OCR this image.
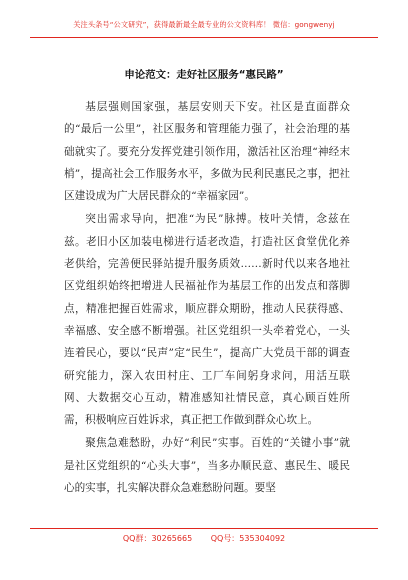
关注头条号“公文研究”，获得最新最全最专业的公文资料库！ 微信：gongwenyj
申论范文：走好社区服务“惠民路”

基层强则国家强，基层安则天下安。社区是直面群众的“最后一公里”，社区服务和管理能力强了，社会治理的基础就实了。要充分发挥党建引领作用，激活社区治理“神经末梢”，提高社会工作服务水平，多做为民利民惠民之事，把社区建设成为广大居民群众的“幸福家园”。

突出需求导向，把准“为民”脉搏。枝叶关情，念兹在兹。老旧小区加装电梯进行适老改造，打造社区食堂优化养老供给，完善便民驿站提升服务质效……新时代以来各地社区党组织始终把增进人民福祉作为基层工作的出发点和落脚点，精准把握百姓需求，顺应群众期盼，推动人民获得感、幸福感、安全感不断增强。社区党组织一头牵着党心，一头连着民心，要以“民声”定“民生”，提高广大党员干部的调查研究能力，深入农田村庄、工厂车间躬身求问，用活互联网、大数据交心互动，精准感知社情民意，真心顾百姓所需，积极响应百姓诉求，真正把工作做到群众心坎上。

聚焦急难愁盼，办好“利民”实事。百姓的“关键小事”就是社区党组织的“心头大事”，当多办顺民意、惠民生、暖民心的实事，扎实解决群众急难愁盼问题。要坚

QQ群：30265665 QQ号：535304092
